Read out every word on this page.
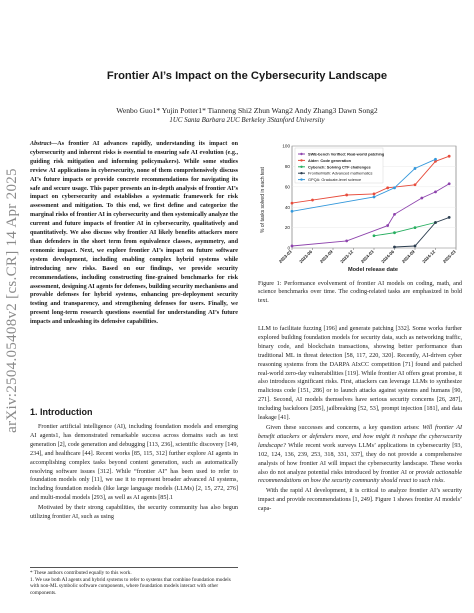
arXiv:2504.05408v2 [cs.CR] 14 Apr 2025
Frontier AI’s Impact on the Cybersecurity Landscape
Wenbo Guo1* Yujin Potter1* Tianneng Shi2 Zhun Wang2 Andy Zhang3 Dawn Song2
1UC Santa Barbara 2UC Berkeley 3Stanford University
Abstract—As frontier AI advances rapidly, understanding its impact on cybersecurity and inherent risks is essential to ensuring safe AI evolution (e.g., guiding risk mitigation and informing policymakers). While some studies review AI applications in cybersecurity, none of them comprehensively discuss AI’s future impacts or provide concrete recommendations for navigating its safe and secure usage. This paper presents an in-depth analysis of frontier AI’s impact on cybersecurity and establishes a systematic framework for risk assessment and mitigation. To this end, we first define and categorize the marginal risks of frontier AI in cybersecurity and then systemically analyze the current and future impacts of frontier AI in cybersecurity, qualitatively and quantitatively. We also discuss why frontier AI likely benefits attackers more than defenders in the short term from equivalence classes, asymmetry, and economic impact. Next, we explore frontier AI’s impact on future software system development, including enabling complex hybrid systems while introducing new risks. Based on our findings, we provide security recommendations, including constructing fine-grained benchmarks for risk assessment, designing AI agents for defenses, building security mechanisms and provable defenses for hybrid systems, enhancing pre-deployment security testing and transparency, and strengthening defenses for users. Finally, we present long-term research questions essential for understanding AI’s future impacts and unleashing its defensive capabilities.
1. Introduction

Frontier artificial intelligence (AI), including foundation models and emerging AI agents1, has demonstrated remarkable success across domains such as text generation [2], code generation and debugging [113, 236], scientific discovery [149, 234], and healthcare [44]. Recent works [85, 115, 312] further explore AI agents in accomplishing complex tasks beyond content generation, such as automatically resolving software issues [312]. While “frontier AI” has been used to refer to foundation models only [11], we use it to represent broader advanced AI systems, including foundation models (like large language models (LLMs) [2, 15, 272, 276] and multi-modal models [293], as well as AI agents [85].1

Motivated by their strong capabilities, the security community has also begun utilizing frontier AI, such as using

* These authors contributed equally to this work.
1. We use both AI agents and hybrid systems to refer to systems that combine foundation models with non-ML symbolic software components, where foundation models interact with other components.
0
20
40
60
80
100
2023-03 2023-06 2023-09 2023-12 2024-03 2024-06 2024-09 2024-12 2025-03
SWE-bench Verified: Real-world patching
Aider: Code generation
Cybench: Solving CTF challenges
FrontierMath: Advanced mathematics
GPQA: Graduate-level science
% of tasks solved in each test
Model release date
Figure 1: Performance evolvement of frontier AI models on coding, math, and science benchmarks over time. The coding-related tasks are emphasized in bold text.

LLM to facilitate fuzzing [196] and generate patching [332]. Some works further explored building foundation models for security data, such as networking traffic, binary code, and blockchain transactions, showing better performance than traditional ML in threat detection [58, 117, 220, 320]. Recently, AI-driven cyber reasoning systems from the DARPA AIxCC competition [71] found and patched real-world zero-day vulnerabilities [119]. While frontier AI offers great promise, it also introduces significant risks. First, attackers can leverage LLMs to synthesize malicious code [151, 286] or to launch attacks against systems and humans [90, 271]. Second, AI models themselves have serious security concerns [26, 287], including backdoors [205], jailbreaking [52, 53], prompt injection [181], and data leakage [41].

Given these successes and concerns, a key question arises: Will frontier AI benefit attackers or defenders more, and how might it reshape the cybersecurity landscape? While recent work surveys LLMs’ applications in cybersecurity [93, 102, 124, 136, 239, 253, 318, 331, 337], they do not provide a comprehensive analysis of how frontier AI will impact the cybersecurity landscape. These works also do not analyze potential risks introduced by frontier AI or provide actionable recommendations on how the security community should react to such risks.

With the rapid AI development, it is critical to analyze frontier AI’s security impact and provide recommendations [1, 249]. Figure 1 shows frontier AI models’ capa-
